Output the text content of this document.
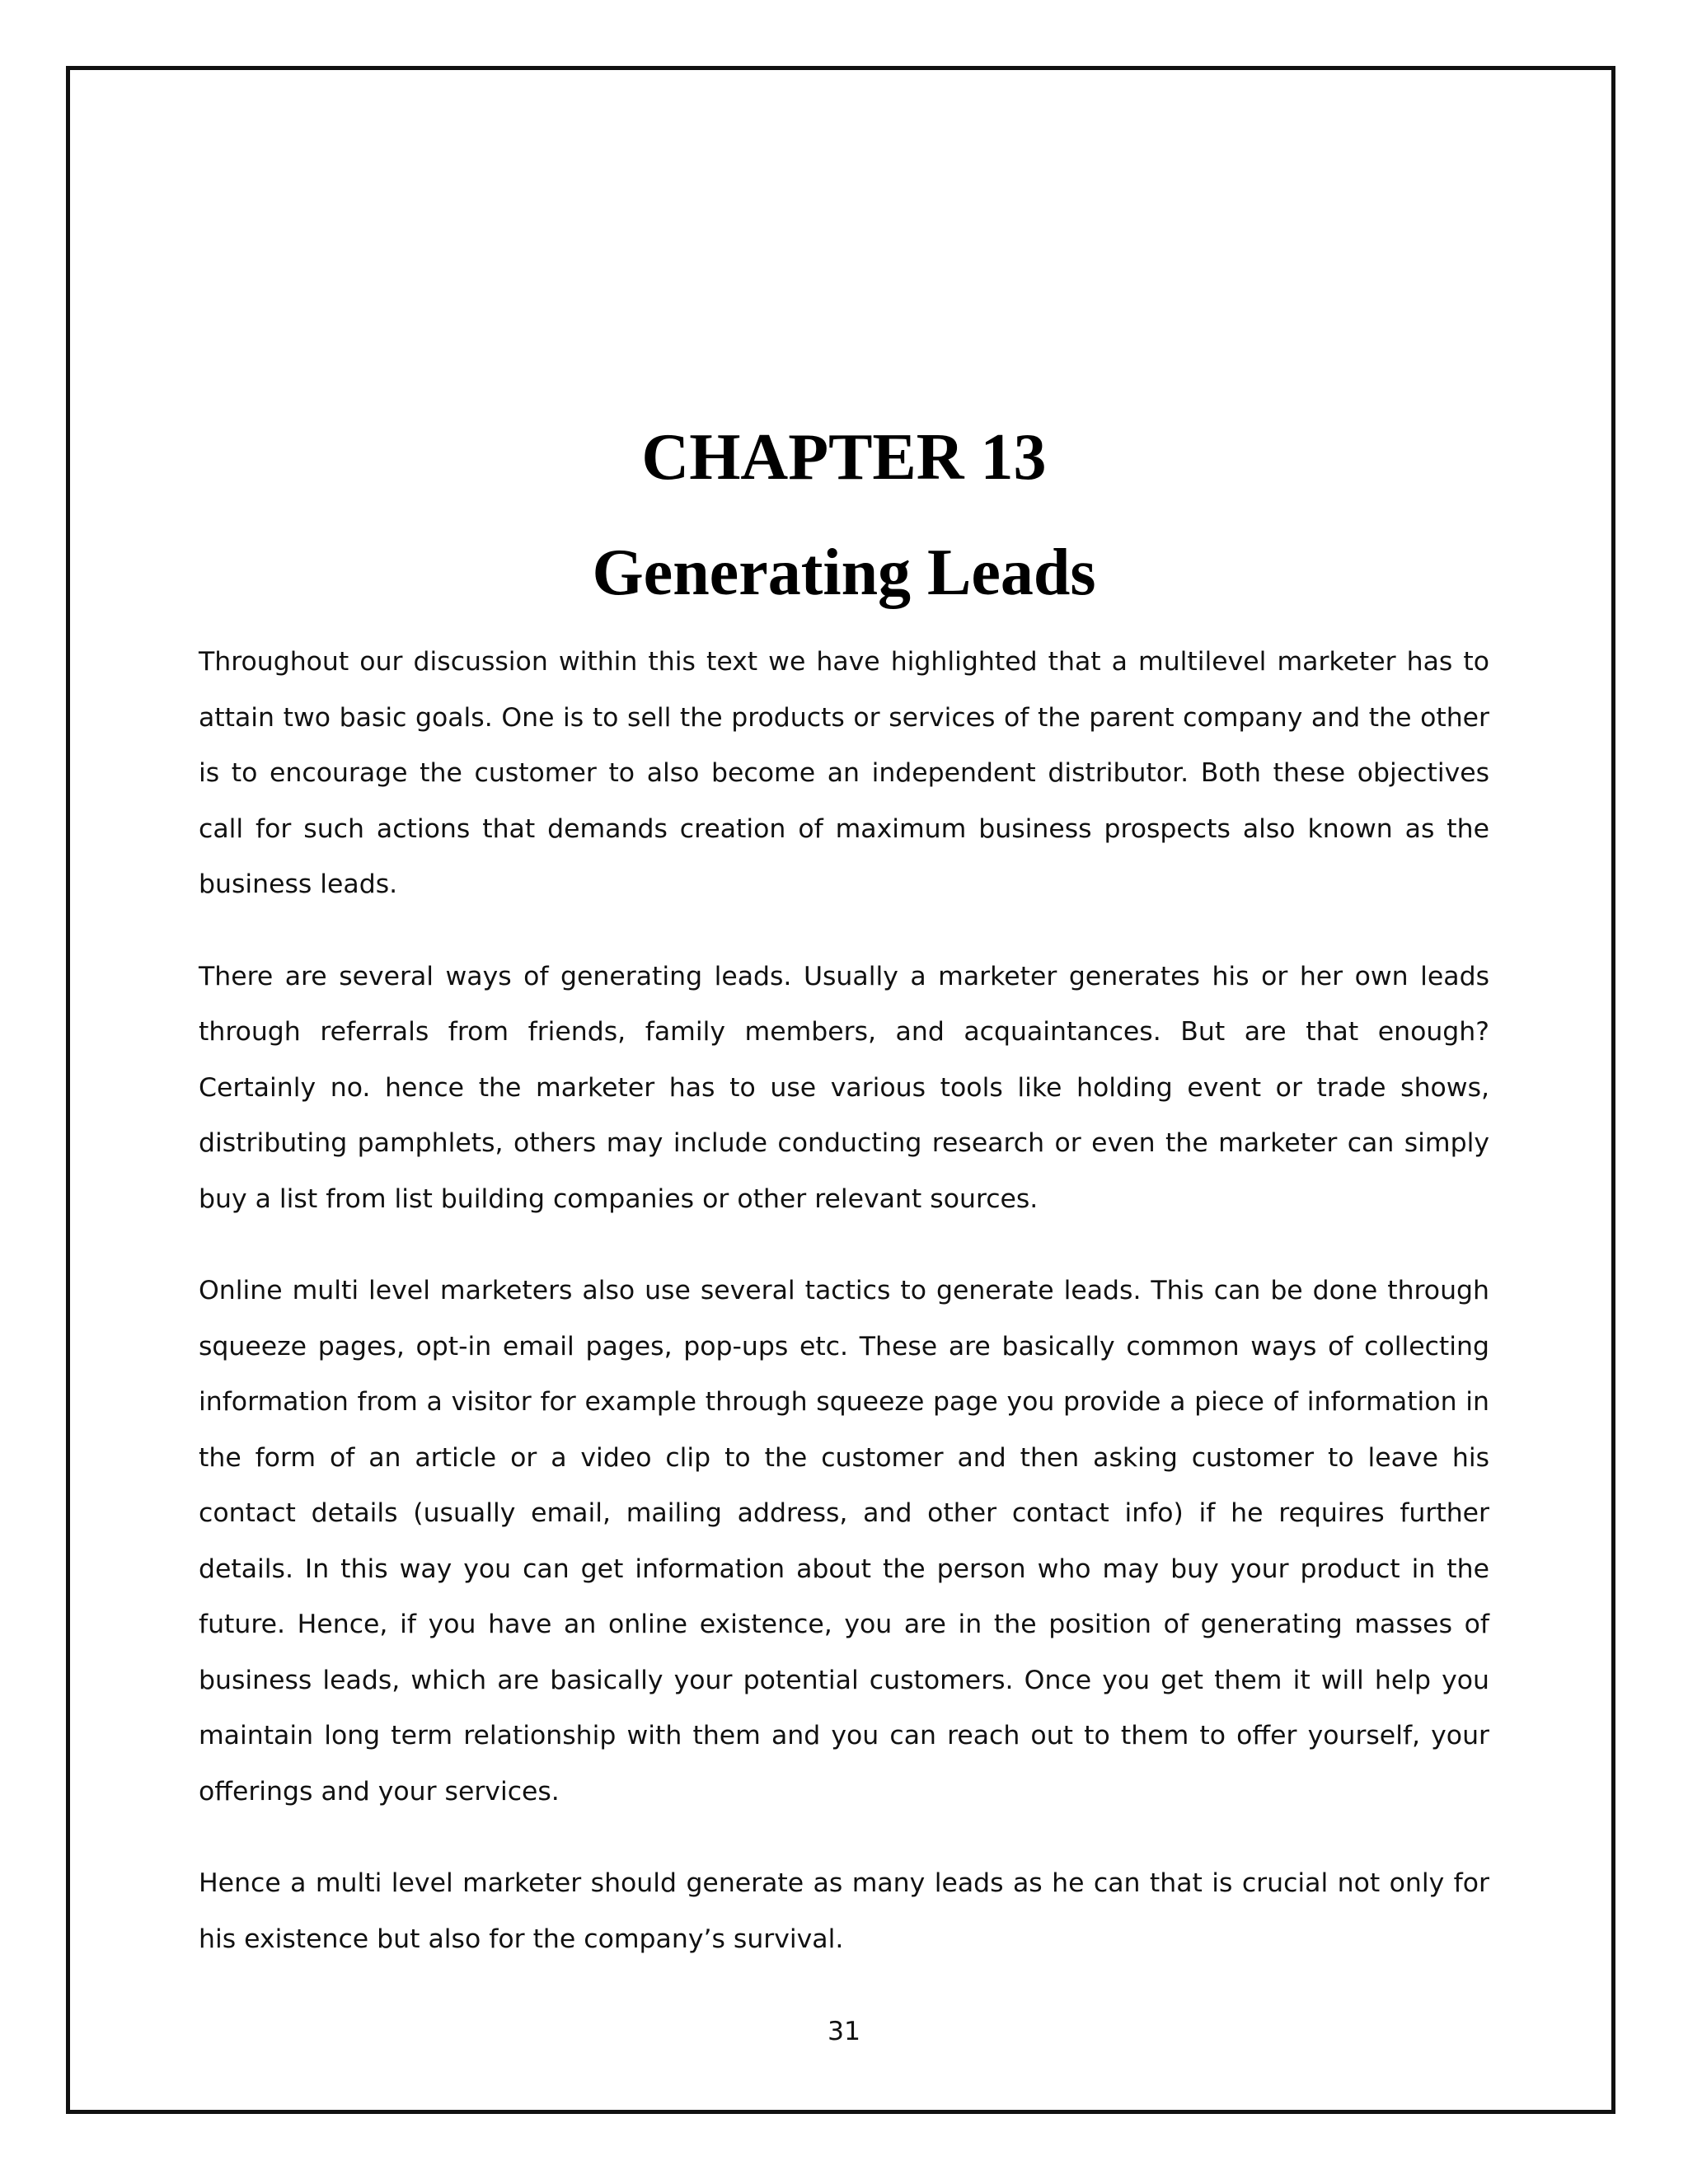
CHAPTER 13
Generating Leads

Throughout our discussion within this text we have highlighted that a multilevel marketer has to attain two basic goals. One is to sell the products or services of the parent company and the other is to encourage the customer to also become an independent distributor. Both these objectives call for such actions that demands creation of maximum business prospects also known as the business leads.

There are several ways of generating leads. Usually a marketer generates his or her own leads through referrals from friends, family members, and acquaintances. But are that enough? Certainly no. hence the marketer has to use various tools like holding event or trade shows, distributing pamphlets, others may include conducting research or even the marketer can simply buy a list from list building companies or other relevant sources.

Online multi level marketers also use several tactics to generate leads. This can be done through squeeze pages, opt-in email pages, pop-ups etc. These are basically common ways of collecting information from a visitor for example through squeeze page you provide a piece of information in the form of an article or a video clip to the customer and then asking customer to leave his contact details (usually email, mailing address, and other contact info) if he requires further details. In this way you can get information about the person who may buy your product in the future. Hence, if you have an online existence, you are in the position of generating masses of business leads, which are basically your potential customers. Once you get them it will help you maintain long term relationship with them and you can reach out to them to offer yourself, your offerings and your services.

Hence a multi level marketer should generate as many leads as he can that is crucial not only for his existence but also for the company’s survival.

31
